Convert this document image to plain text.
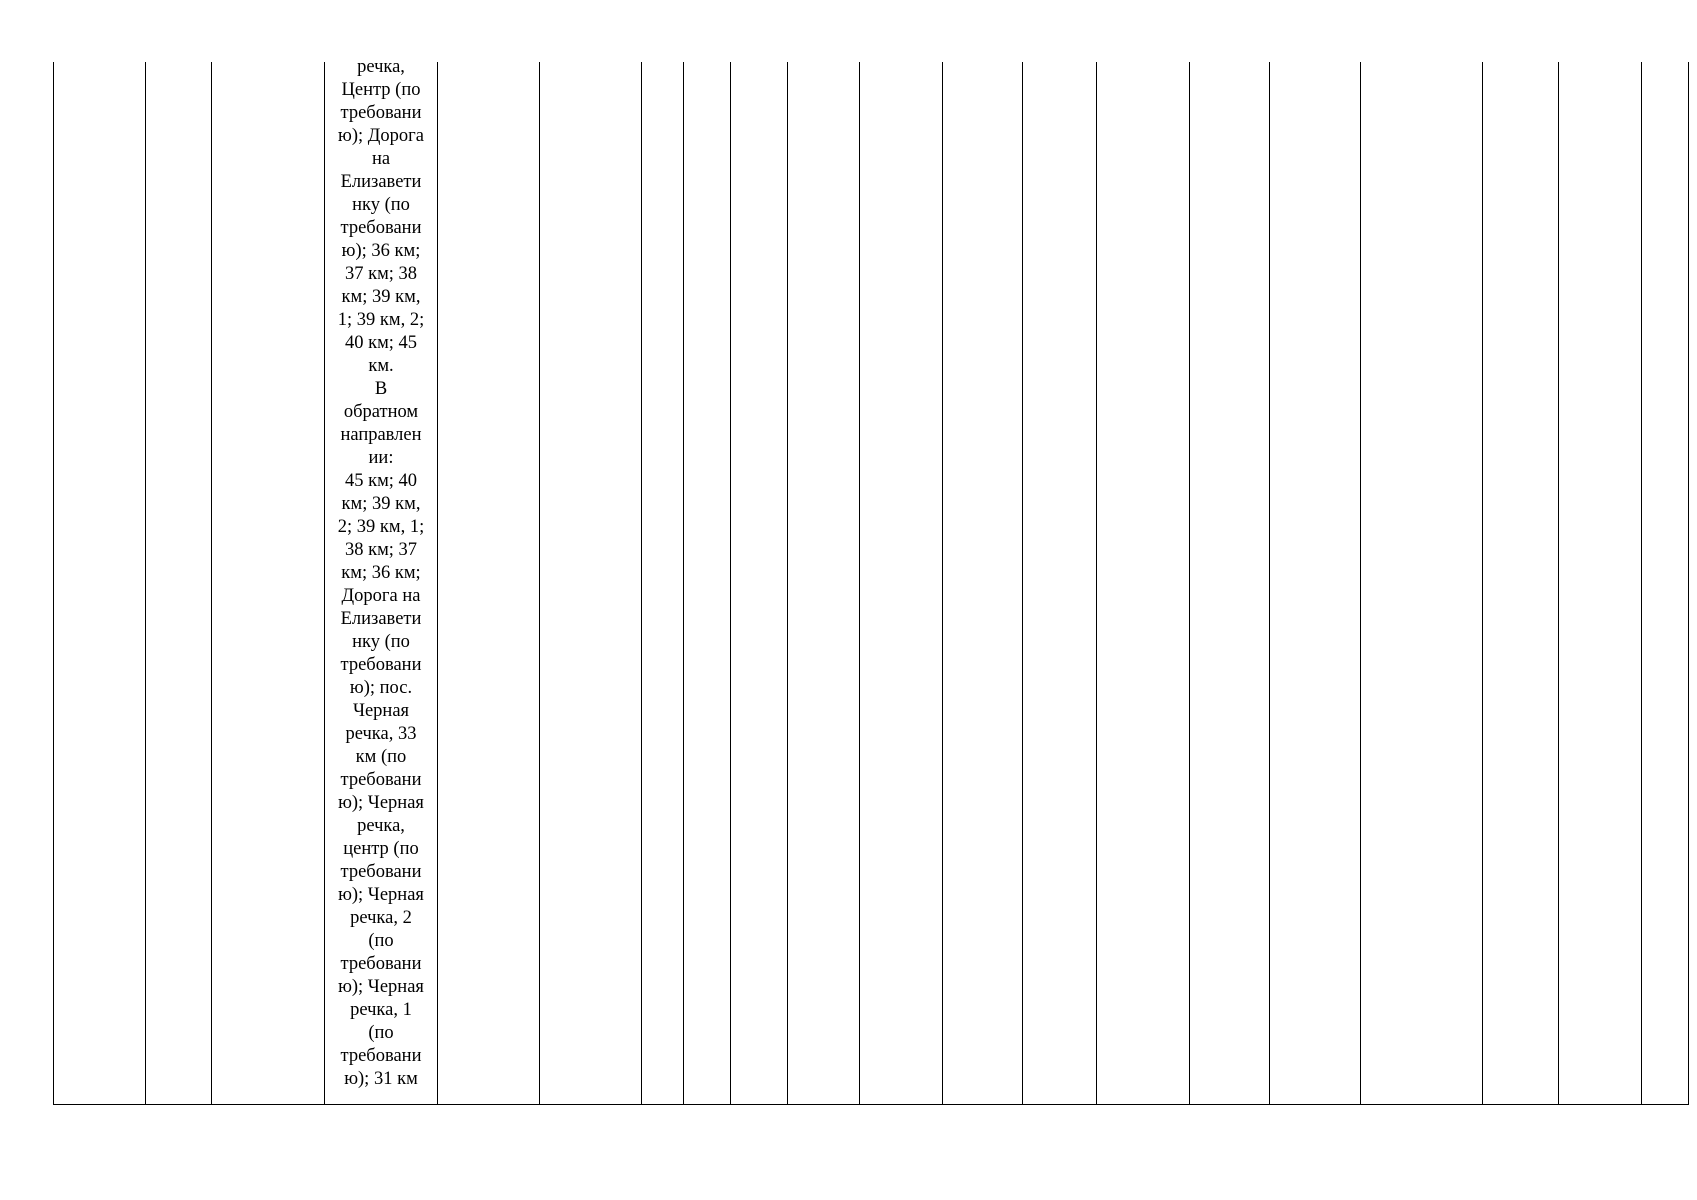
речка,
Центр (по
требовани
ю); Дорога
на
Елизавети
нку (по
требовани
ю); 36 км;
37 км; 38
км; 39 км,
1; 39 км, 2;
40 км; 45
км.
В
обратном
направлен
ии:
45 км; 40
км; 39 км,
2; 39 км, 1;
38 км; 37
км; 36 км;
Дорога на
Елизавети
нку (по
требовани
ю); пос.
Черная
речка, 33
км (по
требовани
ю); Черная
речка,
центр (по
требовани
ю); Черная
речка, 2
(по
требовани
ю); Черная
речка, 1
(по
требовани
ю); 31 км
